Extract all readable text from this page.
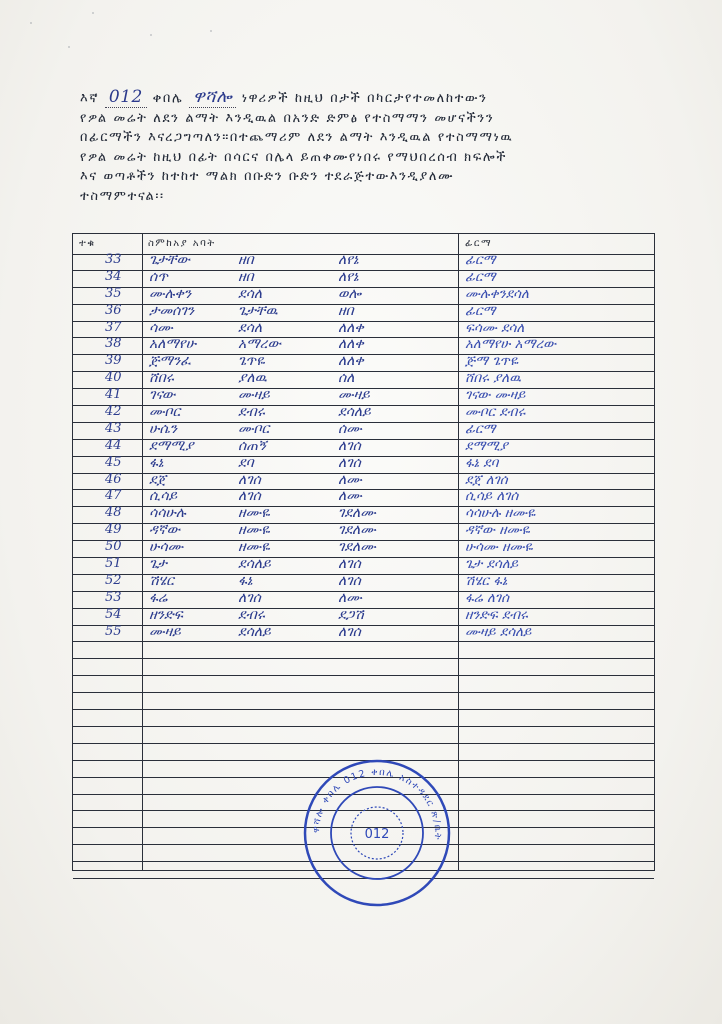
እኛ 012 ቀበሌ ዋሻሎ ነዋሪዎች ከዚህ በታች በካርታየተመለከተውን
የዎል መሬት ለደን ልማት እንዲዉል በአንድ ድምፅ የተስማማን መሆናችንን
በፊርማችን እናረጋግጣለን።በተጨማሪም ለደን ልማት እንዲዉል የተስማማነዉ
የዎል መሬት ከዚህ በፊት በሳርና በሌላ ይጠቀሙየነበሩ የማህበረሰብ ክፍሎች
እና ወጣቶችን ከተከተ ማልክ በቡድን ቡድን ተደራጅተውእንዲያለሙ
ተስማምተናል፡፡
ተቁ	ስምከአያ አባት	ፊርማ
33 ጌታቸው	ዘበ	ለየኔ	ፊርማ
34 ሰጥ	ዘበ	ለየኔ	ፊርማ
35 ሙሉቀን	ደሳለ	ወሎ	ሙሉቀንደሳለ
36 ታመሰገን	ጌታቸዉ	ዘበ	ፊርማ
37 ሳሙ	ደሳለ	ለለቀ	ፍሳሙ ደሳለ
38 አለማየሁ	አማረው	ለለቀ	አለማየሁ አማረው
39 ጅማንፈ	ጌጥዬ	ለለቀ	ጅማ ጌጥዬ
40 ሸበሩ	ያለዉ	ሰለ	ሸበሩ ያለዉ
41 ገናው	ሙዛይ	ሙዛይ	ገናው ሙዛይ
42 ሙቦር	ደብሩ	ደሳለይ	ሙቦር ደብሩ
43 ሁሴን	ሙቦር	ሰሙ	ፊርማ
44 ደማሚያ	ሰጠኝ	ለገሰ	ደማሚያ
45 ፋኔ	ደባ	ለገሰ	ፋኔ ደባ
46 ደጀ	ለገሰ	ለሙ	ደጀ ለገሰ
47 ሲሳይ	ለገሰ	ለሙ	ሲሳይ ለገሰ
48 ሳሳሁሉ	ዘሙዬ	ገደለሙ	ሳሳሁሉ ዘሙዬ
49 ዳኛው	ዘሙዬ	ገደለሙ	ዳኛው ዘሙዬ
50 ሁሳሙ	ዘሙዬ	ገደለሙ	ሁሳሙ ዘሙዬ
51 ጌታ	ደሳለይ	ለገሰ	ጌታ ደሳለይ
52 ሽሄር	ፋኔ	ለገሰ	ሽሄር ፋኔ
53 ፋሬ	ለገሰ	ለሙ	ፋሬ ለገሰ
54 ዘንድፍ	ደብሩ	ደጋሽ	ዘንድፍ ደብሩ
55 ሙዛይ	ደሳለይ	ለገሰ	ሙዛይ ደሳለይ
ዋሻሎ ቀበሌ 012 ቀበሌ አስተዳደር ጽ/ቤት
012
